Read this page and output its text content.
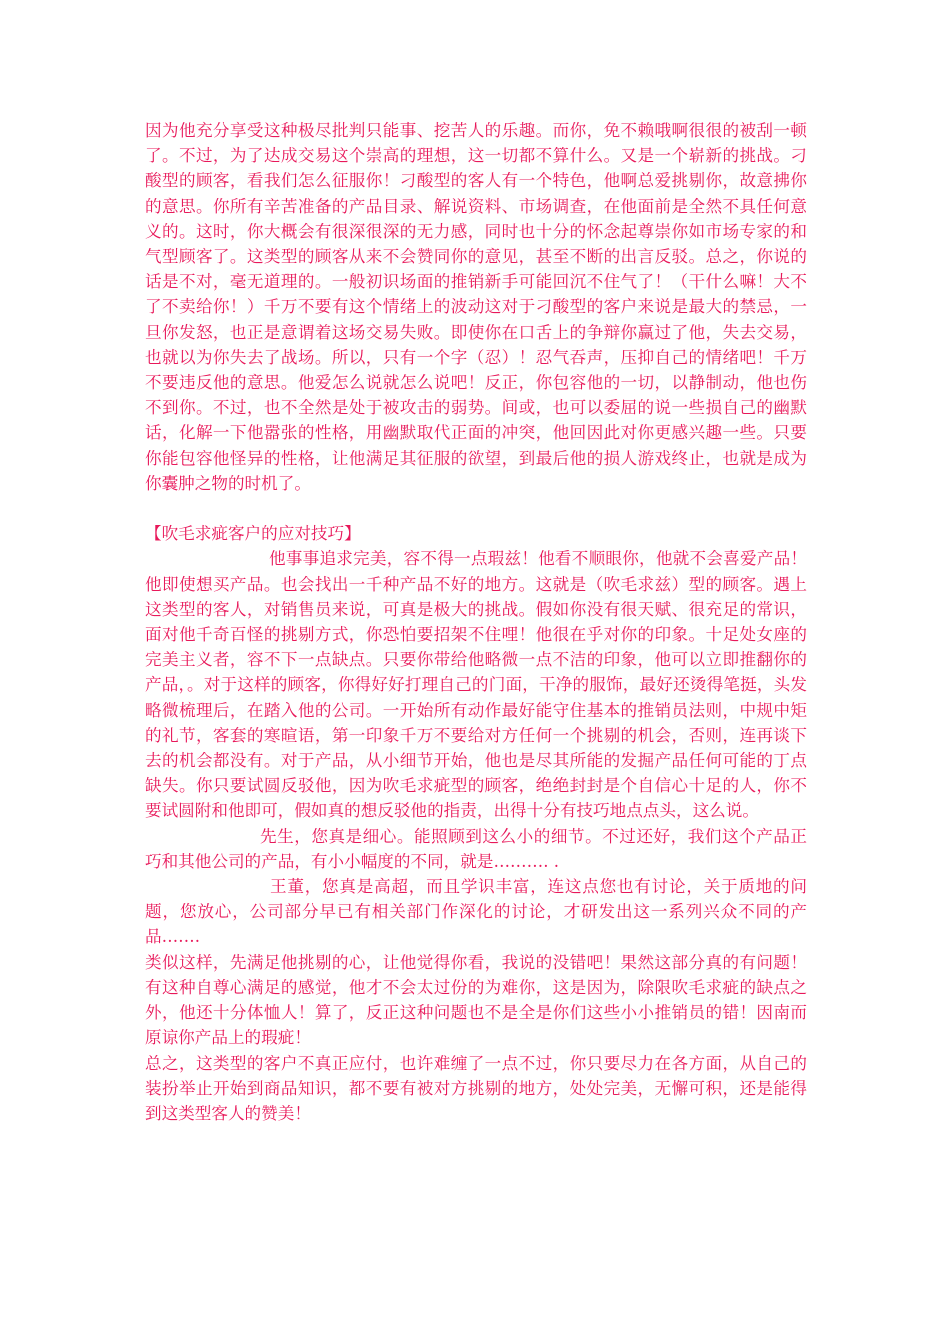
因为他充分享受这种极尽批判只能事、挖苦人的乐趣。而你，免不赖哦啊很很的被刮一顿了。不过，为了达成交易这个崇高的理想，这一切都不算什么。又是一个崭新的挑战。刁酸型的顾客，看我们怎么征服你！刁酸型的客人有一个特色，他啊总爱挑剔你，故意拂你的意思。你所有辛苦准备的产品目录、解说资料、市场调查，在他面前是全然不具任何意义的。这时，你大概会有很深很深的无力感，同时也十分的怀念起尊崇你如市场专家的和气型顾客了。这类型的顾客从来不会赞同你的意见，甚至不断的出言反驳。总之，你说的话是不对，毫无道理的。一般初识场面的推销新手可能回沉不住气了！（干什么嘛！大不了不卖给你！）千万不要有这个情绪上的波动这对于刁酸型的客户来说是最大的禁忌，一旦你发怒，也正是意谓着这场交易失败。即使你在口舌上的争辩你赢过了他，失去交易，也就以为你失去了战场。所以，只有一个字（忍）！忍气吞声，压抑自己的情绪吧！千万不要违反他的意思。他爱怎么说就怎么说吧！反正，你包容他的一切，以静制动，他也伤不到你。不过，也不全然是处于被攻击的弱势。间或，也可以委屈的说一些损自己的幽默话，化解一下他嚣张的性格，用幽默取代正面的冲突，他回因此对你更感兴趣一些。只要你能包容他怪异的性格，让他满足其征服的欲望，到最后他的损人游戏终止，也就是成为你囊肿之物的时机了。

【吹毛求疵客户的应对技巧】

他事事追求完美，容不得一点瑕兹！他看不顺眼你，他就不会喜爱产品！他即使想买产品。也会找出一千种产品不好的地方。这就是（吹毛求兹）型的顾客。遇上这类型的客人，对销售员来说，可真是极大的挑战。假如你没有很天赋、很充足的常识，面对他千奇百怪的挑剔方式，你恐怕要招架不住哩！他很在乎对你的印象。十足处女座的完美主义者，容不下一点缺点。只要你带给他略微一点不洁的印象，他可以立即推翻你的产品，。对于这样的顾客，你得好好打理自己的门面，干净的服饰，最好还烫得笔挺，头发略微梳理后，在踏入他的公司。一开始所有动作最好能守住基本的推销员法则，中规中矩的礼节，客套的寒暄语，第一印象千万不要给对方任何一个挑剔的机会，否则，连再谈下去的机会都没有。对于产品，从小细节开始，他也是尽其所能的发掘产品任何可能的丁点缺失。你只要试圆反驳他，因为吹毛求疵型的顾客，绝绝封封是个自信心十足的人，你不要试圆附和他即可，假如真的想反驳他的指责，出得十分有技巧地点点头，这么说。

先生，您真是细心。能照顾到这么小的细节。不过还好，我们这个产品正巧和其他公司的产品，有小小幅度的不同，就是………. .

王董，您真是高超，而且学识丰富，连这点您也有讨论，关于质地的问题，您放心，公司部分早已有相关部门作深化的讨论，才研发出这一系列兴众不同的产品…….

类似这样，先满足他挑剔的心，让他觉得你看，我说的没错吧！果然这部分真的有问题！有这种自尊心满足的感觉，他才不会太过份的为难你，这是因为，除限吹毛求疵的缺点之外，他还十分体恤人！算了，反正这种问题也不是全是你们这些小小推销员的错！因南而原谅你产品上的瑕疵！

总之，这类型的客户不真正应付，也许难缠了一点不过，你只要尽力在各方面，从自己的装扮举止开始到商品知识，都不要有被对方挑剔的地方，处处完美，无懈可积，还是能得到这类型客人的赞美！
